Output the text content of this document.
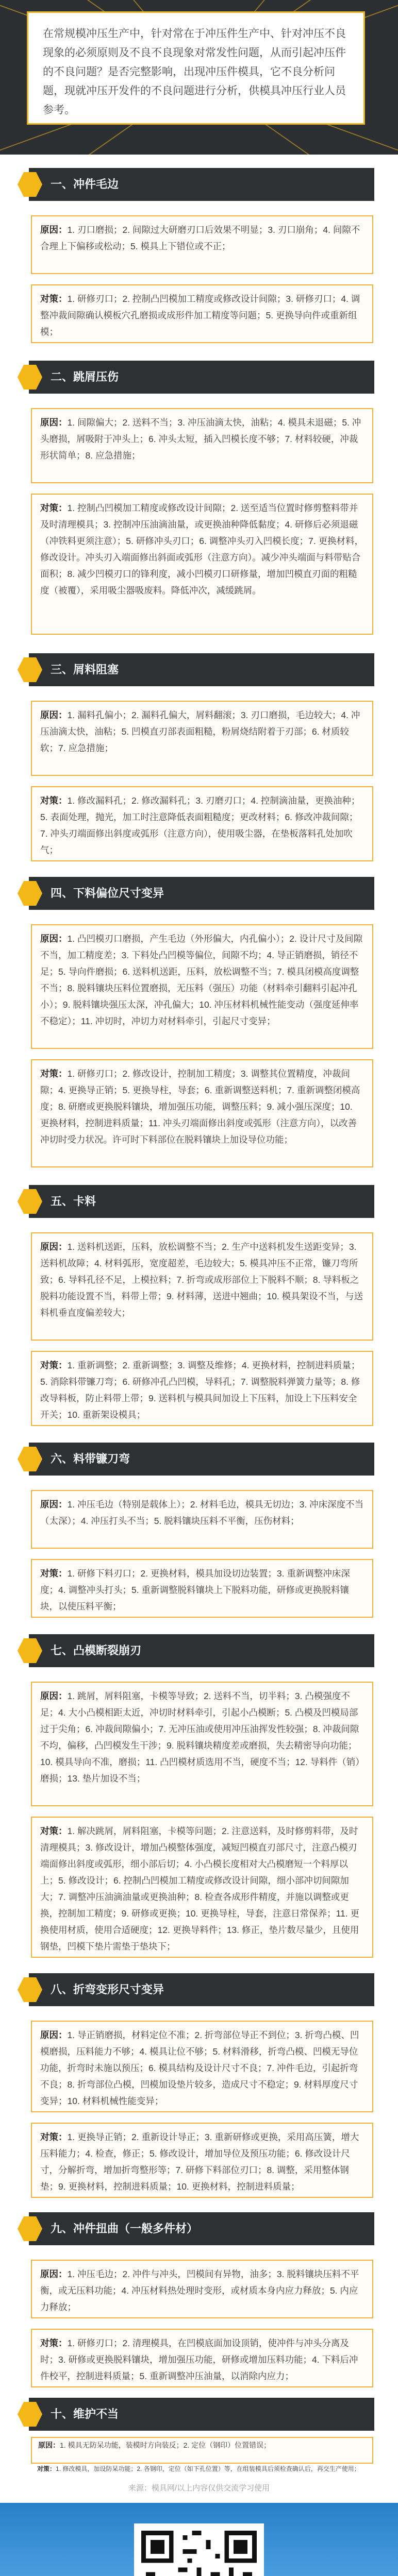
在常规模冲压生产中，针对常在于冲压件生产中、针对冲压不良现象的必须原则及不良不良现象对常发性问题，从而引起冲压件的不良问题？是否完整影响，出现冲压件模具，它不良分析问题，现就冲压开发件的不良问题进行分析，供模具冲压行业人员参考。
一、冲件毛边
原因：1. 刃口磨损；2. 间隙过大研磨刃口后效果不明显；3. 刃口崩角；4. 间隙不合理上下偏移或松动；5. 模具上下错位或不正；
对策：1. 研修刃口；2. 控制凸凹模加工精度或修改设计间隙；3. 研修刃口；4. 调整冲裁间隙确认模板穴孔磨损或成形件加工精度等问题；5. 更换导向件或重新组模；
二、跳屑压伤
原因：1. 间隙偏大；2. 送料不当；3. 冲压油滴太快，油粘；4. 模具未退磁；5. 冲头磨损，屑吸附于冲头上；6. 冲头太短，插入凹模长度不够；7. 材料较硬，冲裁形状简单；8. 应急措施；
对策：1. 控制凸凹模加工精度或修改设计间隙；2. 送至适当位置时修剪整料带并及时清理模具；3. 控制冲压油滴油量，或更换油种降低黏度；4. 研修后必须退磁（冲铁料更须注意）；5. 研修冲头刃口；6. 调整冲头刃入凹模长度；7. 更换材料，修改设计。冲头刃入端面修出斜面或弧形（注意方向）。减少冲头端面与料带贴合面积；8. 减少凹模刃口的锋利度，减小凹模刃口研修量，增加凹模直刃面的粗糙度（被覆），采用吸尘器吸废料。降低冲次，减缓跳屑。
三、屑料阻塞
原因：1. 漏料孔偏小；2. 漏料孔偏大，屑料翻滚；3. 刃口磨损，毛边较大；4. 冲压油滴太快，油粘；5. 凹模直刃部表面粗糙，粉屑烧结附着于刃部；6. 材质较软；7. 应急措施；
对策：1. 修改漏料孔；2. 修改漏料孔；3. 刃磨刃口；4. 控制滴油量，更换油种；5. 表面处理，抛光，加工时注意降低表面粗糙度；更改材料；6. 修改冲裁间隙；7. 冲头刃端面修出斜度或弧形（注意方向），使用吸尘器，在垫板落料孔处加吹气；
四、下料偏位尺寸变异
原因：1. 凸凹模刃口磨损，产生毛边（外形偏大，内孔偏小）；2. 设计尺寸及间隙不当，加工精度差；3. 下料处凸凹模等偏位，间隙不均；4. 导正销磨损，销径不足；5. 导向件磨损；6. 送料机送距，压料，放松调整不当；7. 模具闭模高度调整不当；8. 脱料镶块压料位置磨损，无压料（强压）功能（材料牵引翻料引起冲孔小）；9. 脱料镶块强压太深，冲孔偏大；10. 冲压材料机械性能变动（强度延伸率不稳定）；11. 冲切时，冲切力对材料牵引，引起尺寸变异；
对策：1. 研修刃口；2. 修改设计，控制加工精度；3. 调整其位置精度，冲裁间隙；4. 更换导正销；5. 更换导柱，导套；6. 重新调整送料机；7. 重新调整闭模高度；8. 研磨或更换脱料镶块，增加强压功能，调整压料；9. 减小强压深度；10. 更换材料，控制进料质量；11. 冲头刃端面修出斜度或弧形（注意方向），以改善冲切时受力状况。许可时下料部位在脱料镶块上加设导位功能；
五、卡料
原因：1. 送料机送距，压料，放松调整不当；2. 生产中送料机发生送距变异；3. 送料机故障；4. 材料弧形，宽度超差，毛边较大；5. 模具冲压不正常，镰刀弯所致；6. 导料孔径不足，上模拉料；7. 折弯或成形部位上下脱料不顺；8. 导料板之脱料功能设置不当，料带上带；9. 材料薄，送进中翘曲；10. 模具架设不当，与送料机垂直度偏差较大；
对策：1. 重新调整；2. 重新调整；3. 调整及维修；4. 更换材料，控制进料质量；5. 消除料带镰刀弯；6. 研修冲孔凸凹模，导料孔；7. 调整脱料弹簧力量等；8. 修改导料板，防止料带上带；9. 送料机与模具间加设上下压料，加设上下压料安全开关；10. 重新架设模具；
六、料带镰刀弯
原因：1. 冲压毛边（特别是载体上）；2. 材料毛边，模具无切边；3. 冲床深度不当（太深）；4. 冲压打头不当；5. 脱料镶块压料不平衡，压伤材料；
对策：1. 研修下料刃口；2. 更换材料，模具加设切边装置；3. 重新调整冲床深度；4. 调整冲头打头；5. 重新调整脱料镶块上下脱料功能，研修或更换脱料镶块，以使压料平衡；
七、凸模断裂崩刃
原因：1. 跳屑，屑料阻塞，卡模等导致；2. 送料不当，切半料；3. 凸模强度不足；4. 大小凸模相距太近，冲切时材料牵引，引起小凸模断；5. 凸模及凹模局部过于尖角；6. 冲裁间隙偏小；7. 无冲压油或使用冲压油挥发性较强；8. 冲裁间隙不均，偏移，凸凹模发生干涉；9. 脱料镶块精度差或磨损，失去精密导向功能；10. 模具导向不准，磨损；11. 凸凹模材质选用不当，硬度不当；12. 导料件（销）磨损；13. 垫片加设不当；
对策：1. 解决跳屑，屑料阻塞，卡模等问题；2. 注意送料，及时修剪料带，及时清理模具；3. 修改设计，增加凸模整体强度，减短凹模直刃部尺寸，注意凸模刃端面修出斜度或弧形，细小部后切；4. 小凸模长度相对大凸模磨短一个料厚以上；5. 修改设计；6. 控制凸凹模加工精度或修改设计间隙，细小部冲切间隙加大；7. 调整冲压油滴油量或更换油种；8. 检查各成形件精度，并施以调整或更换，控制加工精度；9. 研修或更换；10. 更换导柱，导套，注意日常保养；11. 更换使用材质，使用合适硬度；12. 更换导料件；13. 修正，垫片数尽量少，且使用钢垫，凹模下垫片需垫于垫块下；
八、折弯变形尺寸变异
原因：1. 导正销磨损，材料定位不准；2. 折弯部位导正不到位；3. 折弯凸模、凹模磨损，压料能力不够；4. 模具让位不够；5. 材料滑移，折弯凸模、凹模无导位功能，折弯时未施以预压；6. 模具结构及设计尺寸不良；7. 冲件毛边，引起折弯不良；8. 折弯部位凸模，凹模加设垫片较多，造成尺寸不稳定；9. 材料厚度尺寸变异；10. 材料机械性能变异；
对策：1. 更换导正销；2. 重新设计导正；3. 重新研修或更换，采用高压簧，增大压料能力；4. 检查，修正；5. 修改设计，增加导位及预压功能；6. 修改设计尺寸，分解折弯，增加折弯整形等；7. 研修下料部位刃口；8. 调整，采用整体钢垫；9. 更换材料，控制进料质量；10. 更换材料，控制进料质量；
九、冲件扭曲（一般多件材）
原因：1. 冲压毛边；2. 冲件与冲头，凹模间有异物，油多；3. 脱料镶块压料不平衡，或无压料功能；4. 冲压材料热处理时变形，或材质本身内应力释放；5. 内应力释放；
对策：1. 研修刃口；2. 清理模具，在凹模底面加设顶销，使冲件与冲头分离及时；3. 研修或更换脱料镶块，增加强压功能，研修或增加压料功能；4. 下料后冲件校平，控制进料质量；5. 重新调整冲压油量，以消除内应力；
十、维护不当
原因：1. 模具无防呆功能，装模时方向装反；2. 定位（钢印）位置错误；
对策：1. 修改模具，加设防呆功能；2. 各钢印，定位（如下孔位置）等，在组装模具后须检查确认后，再交生产使用；
来源：模具网/以上内容仅供交流学习使用
